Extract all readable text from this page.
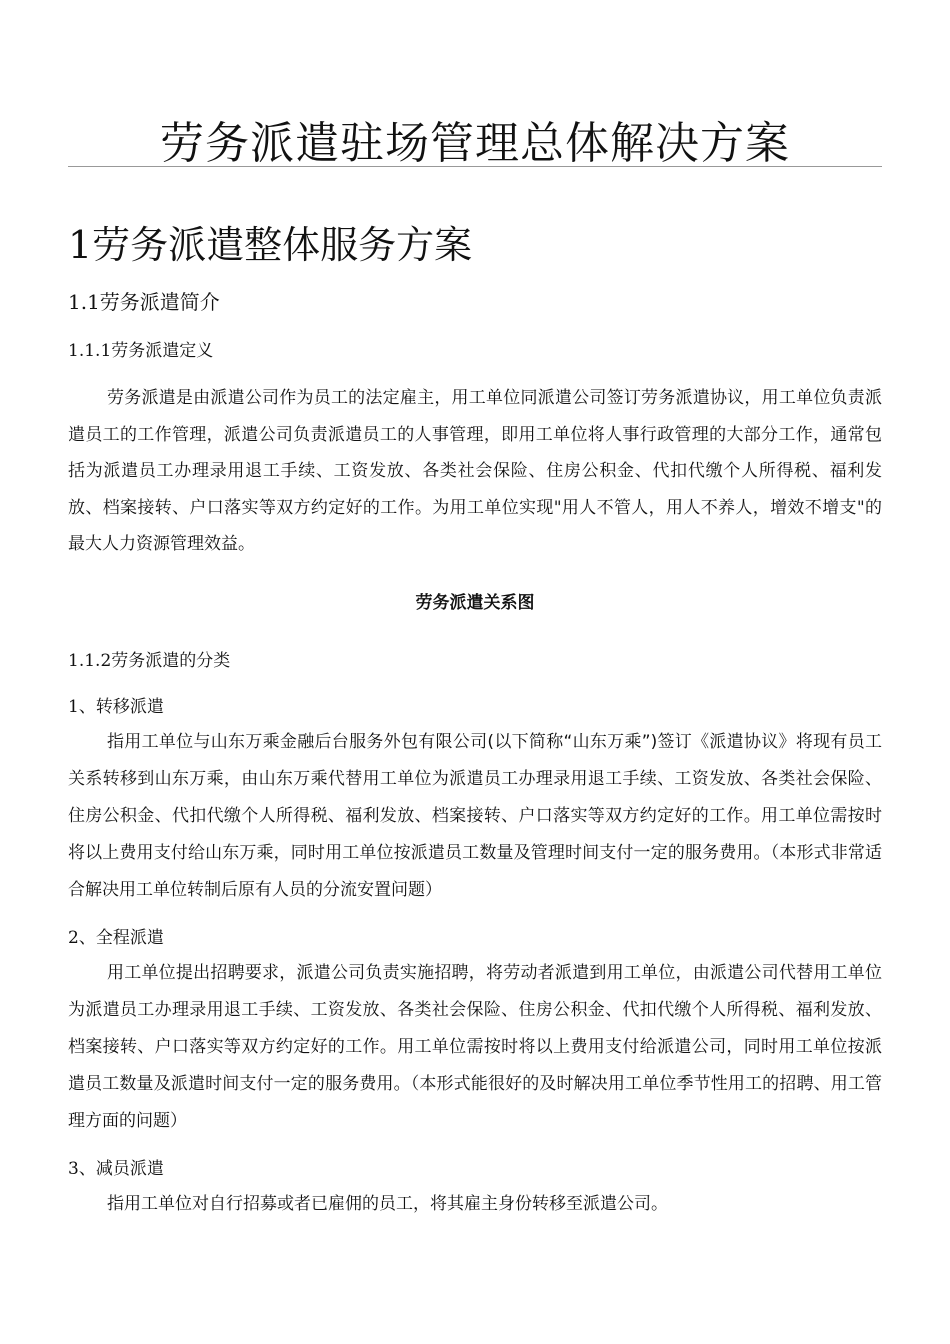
劳务派遣驻场管理总体解决方案
1劳务派遣整体服务方案
1.1劳务派遣简介
1.1.1劳务派遣定义
劳务派遣是由派遣公司作为员工的法定雇主，用工单位同派遣公司签订劳务派遣协议，用工单位负责派遣员工的工作管理，派遣公司负责派遣员工的人事管理，即用工单位将人事行政管理的大部分工作，通常包括为派遣员工办理录用退工手续、工资发放、各类社会保险、住房公积金、代扣代缴个人所得税、福利发放、档案接转、户口落实等双方约定好的工作。为用工单位实现"用人不管人，用人不养人，增效不增支"的最大人力资源管理效益。
劳务派遣关系图
1.1.2劳务派遣的分类
1、转移派遣
指用工单位与山东万乘金融后台服务外包有限公司(以下简称“山东万乘”)签订《派遣协议》将现有员工关系转移到山东万乘，由山东万乘代替用工单位为派遣员工办理录用退工手续、工资发放、各类社会保险、住房公积金、代扣代缴个人所得税、福利发放、档案接转、户口落实等双方约定好的工作。用工单位需按时将以上费用支付给山东万乘，同时用工单位按派遣员工数量及管理时间支付一定的服务费用。（本形式非常适合解决用工单位转制后原有人员的分流安置问题）
2、全程派遣
用工单位提出招聘要求，派遣公司负责实施招聘，将劳动者派遣到用工单位，由派遣公司代替用工单位为派遣员工办理录用退工手续、工资发放、各类社会保险、住房公积金、代扣代缴个人所得税、福利发放、档案接转、户口落实等双方约定好的工作。用工单位需按时将以上费用支付给派遣公司，同时用工单位按派遣员工数量及派遣时间支付一定的服务费用。（本形式能很好的及时解决用工单位季节性用工的招聘、用工管理方面的问题）
3、减员派遣
指用工单位对自行招募或者已雇佣的员工，将其雇主身份转移至派遣公司。
